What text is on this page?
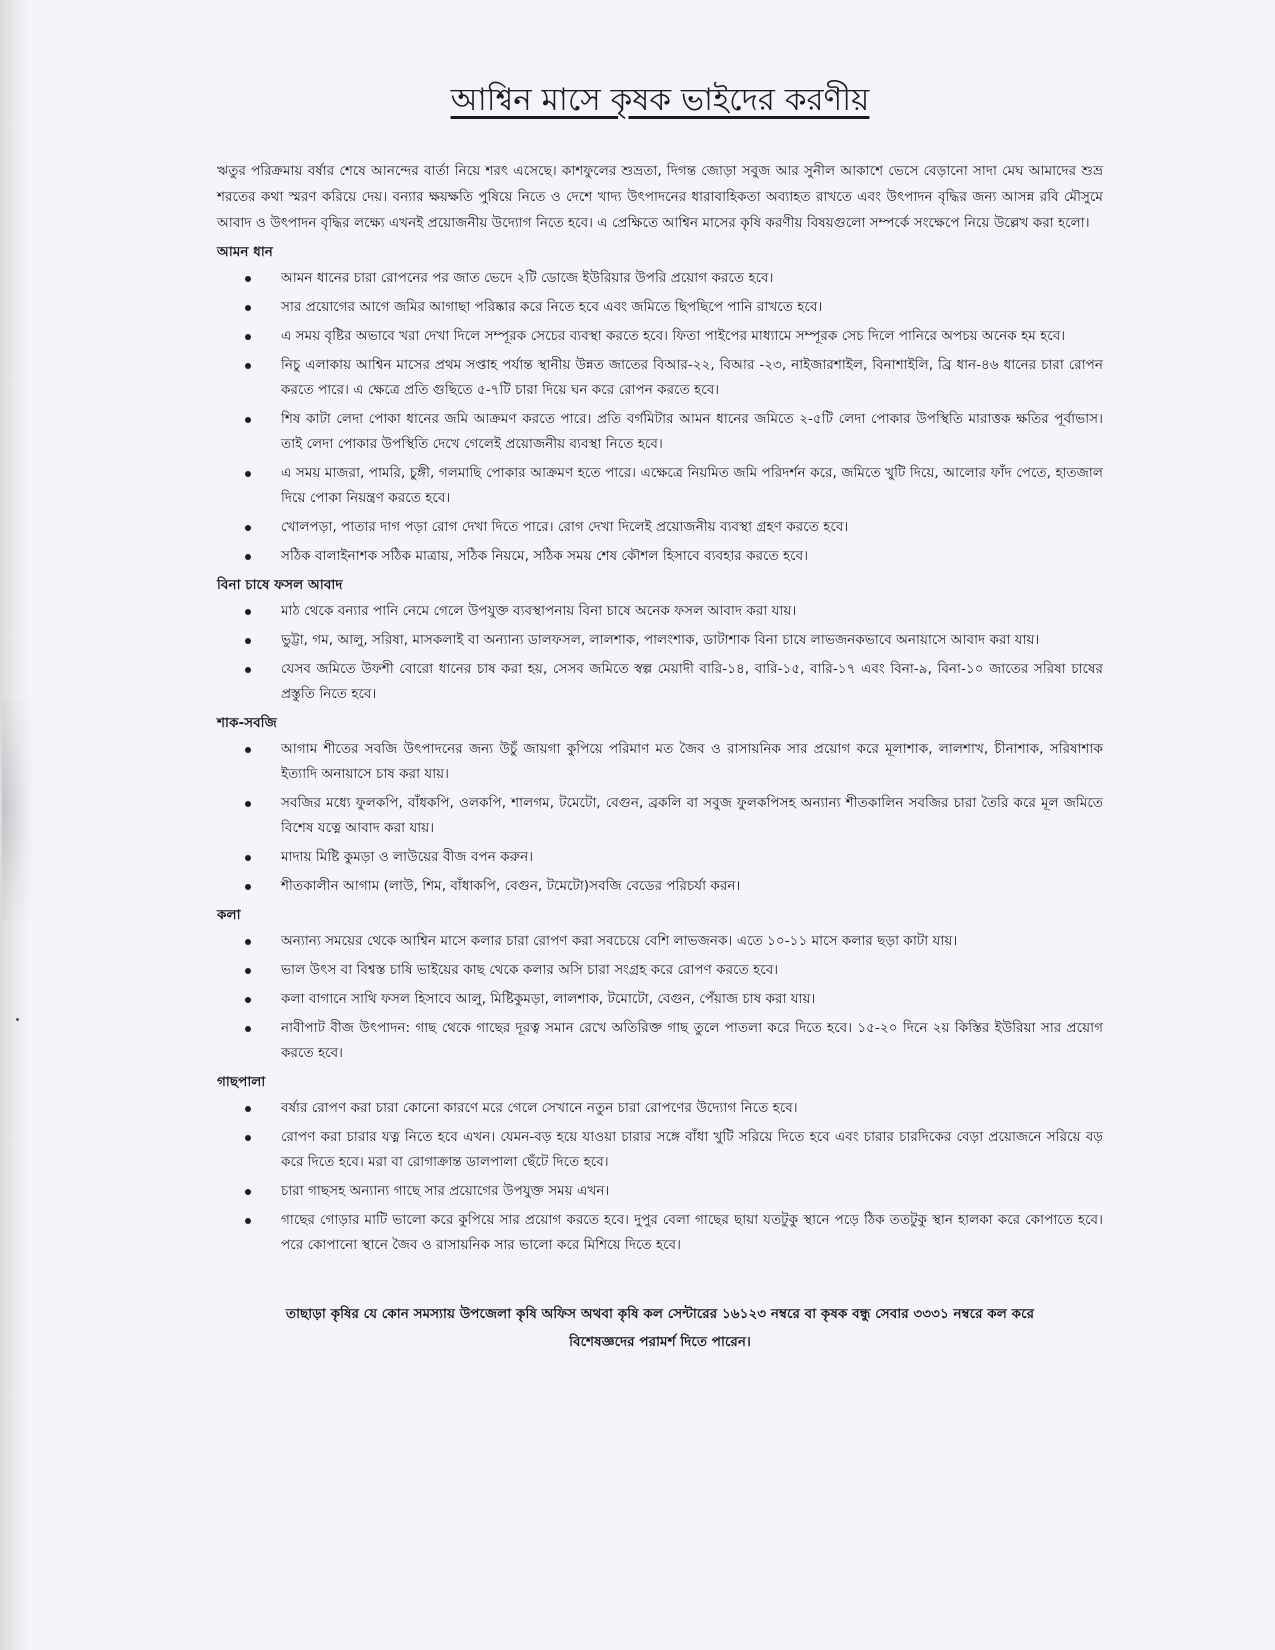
আশ্বিন মাসে কৃষক ভাইদের করণীয়

ঋতুর পরিক্রমায় বর্ষার শেষে আনন্দের বার্তা নিয়ে শরৎ এসেছে। কাশফুলের শুভ্রতা, দিগন্ত জোড়া সবুজ আর সুনীল আকাশে ভেসে বেড়ানো সাদা মেঘ আমাদের শুভ্র শরতের কথা স্মরণ করিয়ে দেয়। বন্যার ক্ষয়ক্ষতি পুষিয়ে নিতে ও দেশে খাদ্য উৎপাদনের ধারাবাহিকতা অব্যাহত রাখতে এবং উৎপাদন বৃদ্ধির জন্য আসন্ন রবি মৌসুমে আবাদ ও উৎপাদন বৃদ্ধির লক্ষ্যে এখনই প্রয়োজনীয় উদ্যোগ নিতে হবে। এ প্রেক্ষিতে আশ্বিন মাসের কৃষি করণীয় বিষয়গুলো সম্পর্কে সংক্ষেপে নিয়ে উল্লেখ করা হলো।

আমন ধান
আমন ধানের চারা রোপনের পর জাত ভেদে ২টি ডোজে ইউরিয়ার উপরি প্রয়োগ করতে হবে।
সার প্রয়োগের আগে জমির আগাছা পরিষ্কার করে নিতে হবে এবং জমিতে ছিপছিপে পানি রাখতে হবে।
এ সময় বৃষ্টির অভাবে খরা দেখা দিলে সম্পূরক সেচের ব্যবস্থা করতে হবে। ফিতা পাইপের মাধ্যামে সম্পূরক সেচ দিলে পানিরে অপচয় অনেক হম হবে।
নিচু এলাকায় আশ্বিন মাসের প্রথম সপ্তাহ পর্যান্ত স্থানীয় উন্নত জাতের বিআর-২২, বিআর -২৩, নাইজারশাইল, বিনাশাইলি, ব্রি ধান-৪৬ ধানের চারা রোপন করতে পারে। এ ক্ষেত্রে প্রতি গুছিতে ৫-৭টি চারা দিয়ে ঘন করে রোপন করতে হবে।
শিষ কাটা লেদা পোকা ধানের জমি আক্রমণ করতে পারে। প্রতি বর্গমিটার আমন ধানের জমিতে ২-৫টি লেদা পোকার উপস্থিতি মারাত্তক ক্ষতির পূর্বাভাস। তাই লেদা পোকার উপস্থিতি দেখে গেলেই প্রয়োজনীয় ব্যবস্থা নিতে হবে।
এ সময় মাজরা, পামরি, চুঙ্গী, গলমাছি পোকার আক্রমণ হতে পারে। এক্ষেত্রে নিয়মিত জমি পরিদর্শন করে, জমিতে খুটি দিয়ে, আলোর ফাঁদ পেতে, হাতজাল দিয়ে পোকা নিয়ন্ত্রণ করতে হবে।
খোলপড়া, পাতার দাগ পড়া রোগ দেখা দিতে পারে। রোগ দেখা দিলেই প্রয়োজনীয় ব্যবস্থা গ্রহণ করতে হবে।
সঠিক বালাইনাশক সঠিক মাত্রায়, সঠিক নিয়মে, সঠিক সময় শেষ কৌশল হিসাবে ব্যবহার করতে হবে।
বিনা চাষে ফসল আবাদ
মাঠ থেকে বন্যার পানি নেমে গেলে উপযুক্ত ব্যবস্থাপনায় বিনা চাষে অনেক ফসল আবাদ করা যায়।
ভুট্টা, গম, আলু, সরিষা, মাসকলাই বা অন্যান্য ডালফসল, লালশাক, পালংশাক, ডাটাশাক বিনা চাষে লাভজনকভাবে অনায়াসে আবাদ করা যায়।
যেসব জমিতে উফশী বোরো ধানের চাষ করা হয়, সেসব জমিতে স্বল্প মেয়াদী বারি-১৪, বারি-১৫, বারি-১৭ এবং বিনা-৯, বিনা-১০ জাতের সরিষা চাষের প্রস্তুতি নিতে হবে।
শাক-সবজি
আগাম শীতের সবজি উৎপাদনের জন্য উচুঁ জায়গা কুপিয়ে পরিমাণ মত জৈব ও রাসায়নিক সার প্রয়োগ করে মূলাশাক, লালশাখ, চীনাশাক, সরিষাশাক ইত্যাদি অনায়াসে চাষ করা যায়।
সবজির মধ্যে ফুলকপি, বাঁধকপি, ওলকপি, শালগম, টমেটো, বেগুন, ব্রকলি বা সবুজ ফুলকপিসহ অন্যান্য শীতকালিন সবজির চারা তৈরি করে মূল জমিতে বিশেষ যত্নে আবাদ করা যায়।
মাদায় মিষ্টি কুমড়া ও লাউয়ের বীজ বপন করুন।
শীতকালীন আগাম (লাউ, শিম, বাঁধাকপি, বেগুন, টমেটো)সবজি বেডের পরিচর্যা করন।
কলা
অন্যান্য সময়ের থেকে আশ্বিন মাসে কলার চারা রোপণ করা সবচেয়ে বেশি লাভজনক। এতে ১০-১১ মাসে কলার ছড়া কাটা যায়।
ভাল উৎস বা বিশ্বস্ত চাষি ভাইয়ের কাছ থেকে কলার অসি চারা সংগ্রহ করে রোপণ করতে হবে।
কলা বাগানে সাথি ফসল হিসাবে আলু, মিষ্টিকুমড়া, লালশাক, টমোটো, বেগুন, পেঁয়াজ চাষ করা যায়।
নাবীপাট বীজ উৎপাদন: গাছ থেকে গাছের দূরত্ব সমান রেখে অতিরিক্ত গাছ তুলে পাতলা করে দিতে হবে। ১৫-২০ দিনে ২য় কিস্তির ইউরিয়া সার প্রয়োগ করতে হবে।
গাছপালা
বর্ষার রোপণ করা চারা কোনো কারণে মরে গেলে সেখানে নতুন চারা রোপণের উদ্যোগ নিতে হবে।
রোপণ করা চারার যত্ন নিতে হবে এখন। যেমন-বড় হয়ে যাওয়া চারার সঙ্গে বাঁধা খুটি সরিয়ে দিতে হবে এবং চারার চারদিকের বেড়া প্রয়োজনে সরিয়ে বড় করে দিতে হবে। মরা বা রোগাক্রান্ত ডালপালা ছেঁটে দিতে হবে।
চারা গাছসহ অন্যান্য গাছে সার প্রয়োগের উপযুক্ত সময় এখন।
গাছের গোড়ার মাটি ভালো করে কুপিয়ে সার প্রয়োগ করতে হবে। দুপুর বেলা গাছের ছায়া যতটুকু স্থানে পড়ে ঠিক ততটুকু স্থান হালকা করে কোপাতে হবে। পরে কোপানো স্থানে জৈব ও রাসায়নিক সার ভালো করে মিশিয়ে দিতে হবে।

তাছাড়া কৃষির যে কোন সমস্যায় উপজেলা কৃষি অফিস অথবা কৃষি কল সেন্টারের ১৬১২৩ নম্বরে বা কৃষক বন্ধু সেবার ৩৩৩১ নম্বরে কল করে বিশেষজ্ঞদের পরামর্শ দিতে পারেন।
